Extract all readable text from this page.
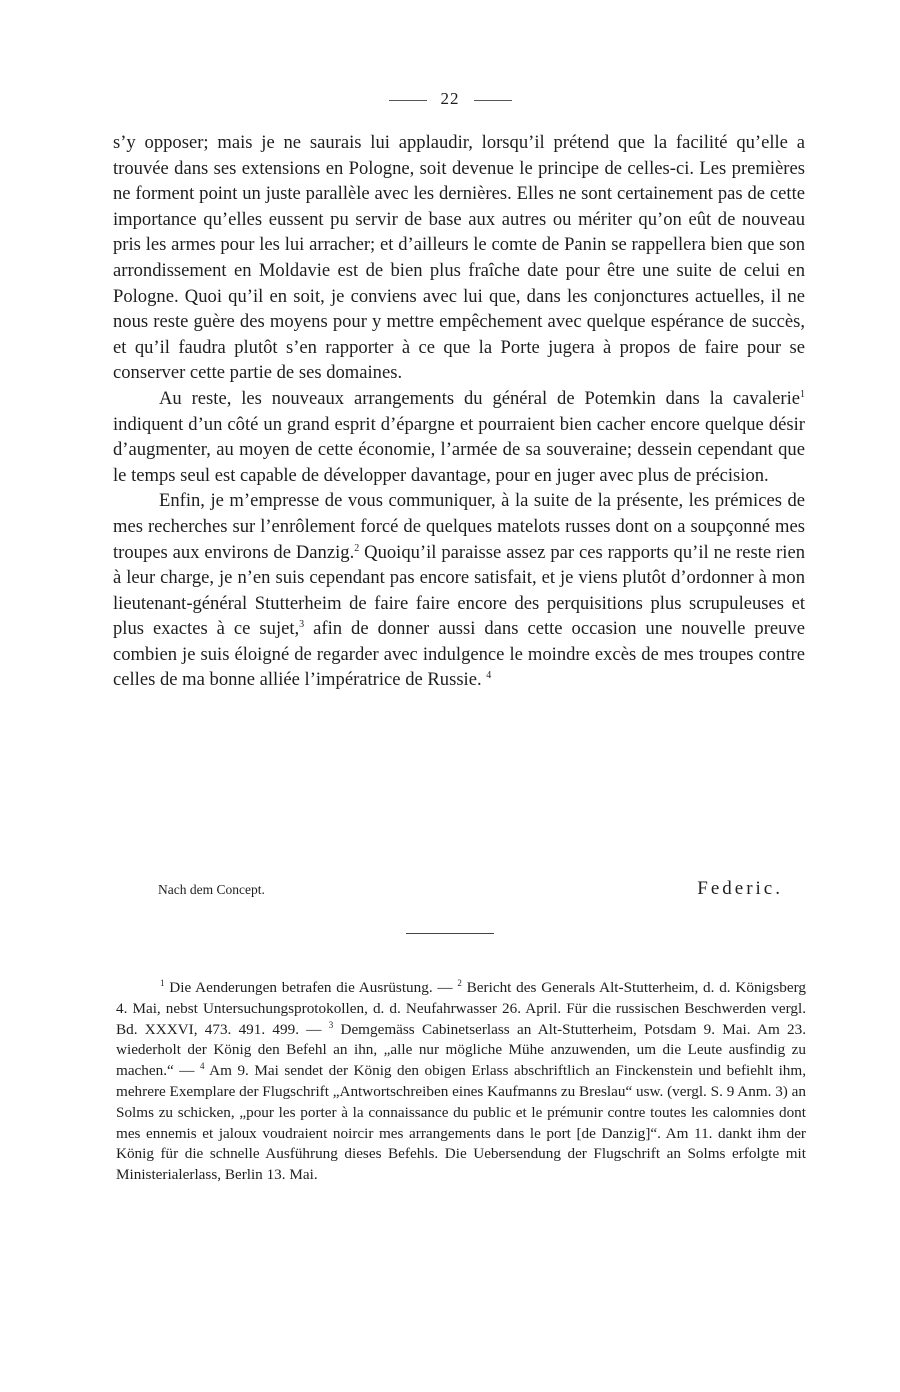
22

s’y opposer; mais je ne saurais lui applaudir, lorsqu’il prétend que la facilité qu’elle a trouvée dans ses extensions en Pologne, soit devenue le principe de celles-ci. Les premières ne forment point un juste parallèle avec les dernières. Elles ne sont certainement pas de cette importance qu’elles eussent pu servir de base aux autres ou mériter qu’on eût de nouveau pris les armes pour les lui arracher; et d’ailleurs le comte de Panin se rappellera bien que son arrondissement en Moldavie est de bien plus fraîche date pour être une suite de celui en Pologne. Quoi qu’il en soit, je conviens avec lui que, dans les conjonctures actuelles, il ne nous reste guère des moyens pour y mettre empêchement avec quelque espérance de succès, et qu’il faudra plutôt s’en rapporter à ce que la Porte jugera à propos de faire pour se conserver cette partie de ses domaines.

Au reste, les nouveaux arrangements du général de Potemkin dans la cavalerie$^1$ indiquent d’un côté un grand esprit d’épargne et pourraient bien cacher encore quelque désir d’augmenter, au moyen de cette économie, l’armée de sa souveraine; dessein cependant que le temps seul est capable de développer davantage, pour en juger avec plus de précision.

Enfin, je m’empresse de vous communiquer, à la suite de la présente, les prémices de mes recherches sur l’enrôlement forcé de quelques matelots russes dont on a soupçonné mes troupes aux environs de Danzig.$^2$ Quoiqu’il paraisse assez par ces rapports qu’il ne reste rien à leur charge, je n’en suis cependant pas encore satisfait, et je viens plutôt d’ordonner à mon lieutenant-général Stutterheim de faire faire encore des perquisitions plus scrupuleuses et plus exactes à ce sujet,$^3$ afin de donner aussi dans cette occasion une nouvelle preuve combien je suis éloigné de regarder avec indulgence le moindre excès de mes troupes contre celles de ma bonne alliée l’impératrice de Russie. $^4$

Nach dem Concept.	Federic.

$^1$ Die Aenderungen betrafen die Ausrüstung. — $^2$ Bericht des Generals Alt-Stutterheim, d. d. Königsberg 4. Mai, nebst Untersuchungsprotokollen, d. d. Neufahrwasser 26. April. Für die russischen Beschwerden vergl. Bd. XXXVI, 473. 491. 499. — $^3$ Demgemäss Cabinetserlass an Alt-Stutterheim, Potsdam 9. Mai. Am 23. wiederholt der König den Befehl an ihn, „alle nur mögliche Mühe anzuwenden, um die Leute ausfindig zu machen.“ — $^4$ Am 9. Mai sendet der König den obigen Erlass abschriftlich an Finckenstein und befiehlt ihm, mehrere Exemplare der Flugschrift „Antwortschreiben eines Kaufmanns zu Breslau“ usw. (vergl. S. 9 Anm. 3) an Solms zu schicken, „pour les porter à la connaissance du public et le prémunir contre toutes les calomnies dont mes ennemis et jaloux voudraient noircir mes arrangements dans le port [de Danzig]“. Am 11. dankt ihm der König für die schnelle Ausführung dieses Befehls. Die Uebersendung der Flugschrift an Solms erfolgte mit Ministerialerlass, Berlin 13. Mai.
